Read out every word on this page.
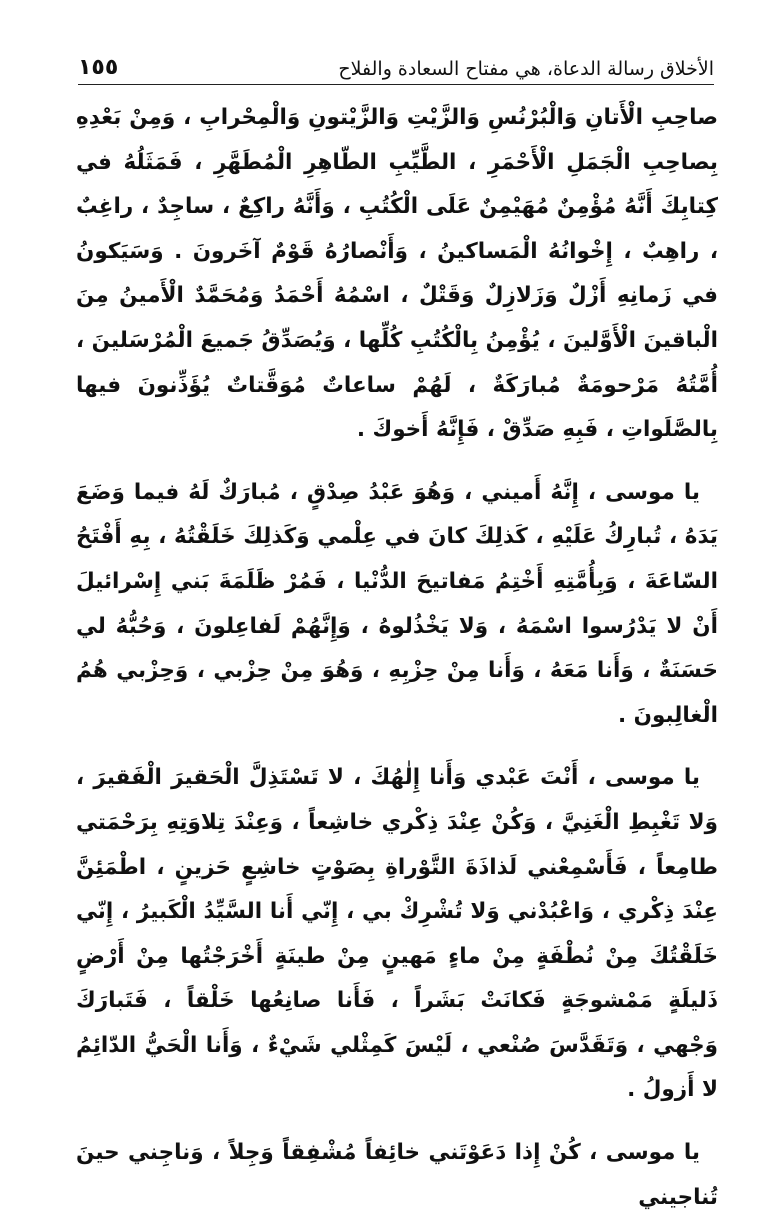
الأخلاق رسالة الدعاة، هي مفتاح السعادة والفلاح
١٥٥

صاحِبِ الْأَتانِ وَالْبُرْنُسِ وَالزَّيْتِ وَالزَّيْتونِ وَالْمِحْرابِ ، وَمِنْ بَعْدِهِ بِصاحِبِ الْجَمَلِ الْأَحْمَرِ ، الطَّيِّبِ الطّاهِرِ الْمُطَهَّرِ ، فَمَثَلُهُ في كِتابِكَ أَنَّهُ مُؤْمِنٌ مُهَيْمِنٌ عَلَى الْكُتُبِ ، وَأَنَّهُ راكِعٌ ، ساجِدٌ ، راغِبٌ ، راهِبٌ ، إِخْوانُهُ الْمَساكينُ ، وَأَنْصارُهُ قَوْمٌ آخَرونَ . وَسَيَكونُ في زَمانِهِ أَزْلٌ وَزَلازِلٌ وَقَتْلٌ ، اسْمُهُ أَحْمَدُ وَمُحَمَّدٌ الْأَمينُ مِنَ الْباقينَ الْأَوَّلينَ ، يُؤْمِنُ بِالْكُتُبِ كُلِّها ، وَيُصَدِّقُ جَميعَ الْمُرْسَلينَ ، أُمَّتُهُ مَرْحومَةٌ مُبارَكَةٌ ، لَهُمْ ساعاتٌ مُوَقَّتاتٌ يُؤَذِّنونَ فيها بِالصَّلَواتِ ، فَبِهِ صَدِّقْ ، فَإِنَّهُ أَخوكَ .

يا موسى ، إِنَّهُ أَميني ، وَهُوَ عَبْدُ صِدْقٍ ، مُبارَكٌ لَهُ فيما وَضَعَ يَدَهُ ، تُبارِكُ عَلَيْهِ ، كَذلِكَ كانَ في عِلْمي وَكَذلِكَ خَلَقْتُهُ ، بِهِ أَفْتَحُ السّاعَةَ ، وَبِأُمَّتِهِ أَخْتِمُ مَفاتيحَ الدُّنْيا ، فَمُرْ ظَلَمَةَ بَني إِسْرائيلَ أَنْ لا يَدْرُسوا اسْمَهُ ، وَلا يَخْذُلوهُ ، وَإِنَّهُمْ لَفاعِلونَ ، وَحُبُّهُ لي حَسَنَةٌ ، وَأَنا مَعَهُ ، وَأَنا مِنْ حِزْبِهِ ، وَهُوَ مِنْ حِزْبي ، وَحِزْبي هُمُ الْغالِبونَ .

يا موسى ، أَنْتَ عَبْدي وَأَنا إِلٰهُكَ ، لا تَسْتَذِلَّ الْحَقيرَ الْفَقيرَ ، وَلا تَغْبِطِ الْغَنِيَّ ، وَكُنْ عِنْدَ ذِكْري خاشِعاً ، وَعِنْدَ تِلاوَتِهِ بِرَحْمَتي طامِعاً ، فَأَسْمِعْني لَذاذَةَ التَّوْراةِ بِصَوْتٍ خاشِعٍ حَزينٍ ، اطْمَئِنَّ عِنْدَ ذِكْري ، وَاعْبُدْني وَلا تُشْرِكْ بي ، إِنّي أَنا السَّيِّدُ الْكَبيرُ ، إِنّي خَلَقْتُكَ مِنْ نُطْفَةٍ مِنْ ماءٍ مَهينٍ مِنْ طينَةٍ أَخْرَجْتُها مِنْ أَرْضٍ ذَليلَةٍ مَمْشوجَةٍ فَكانَتْ بَشَراً ، فَأَنا صانِعُها خَلْقاً ، فَتَبارَكَ وَجْهي ، وَتَقَدَّسَ صُنْعي ، لَيْسَ كَمِثْلي شَيْءٌ ، وَأَنا الْحَيُّ الدّائِمُ لا أَزولُ .

يا موسى ، كُنْ إِذا دَعَوْتَني خائِفاً مُشْفِقاً وَجِلاً ، وَناجِني حينَ تُناجيني
